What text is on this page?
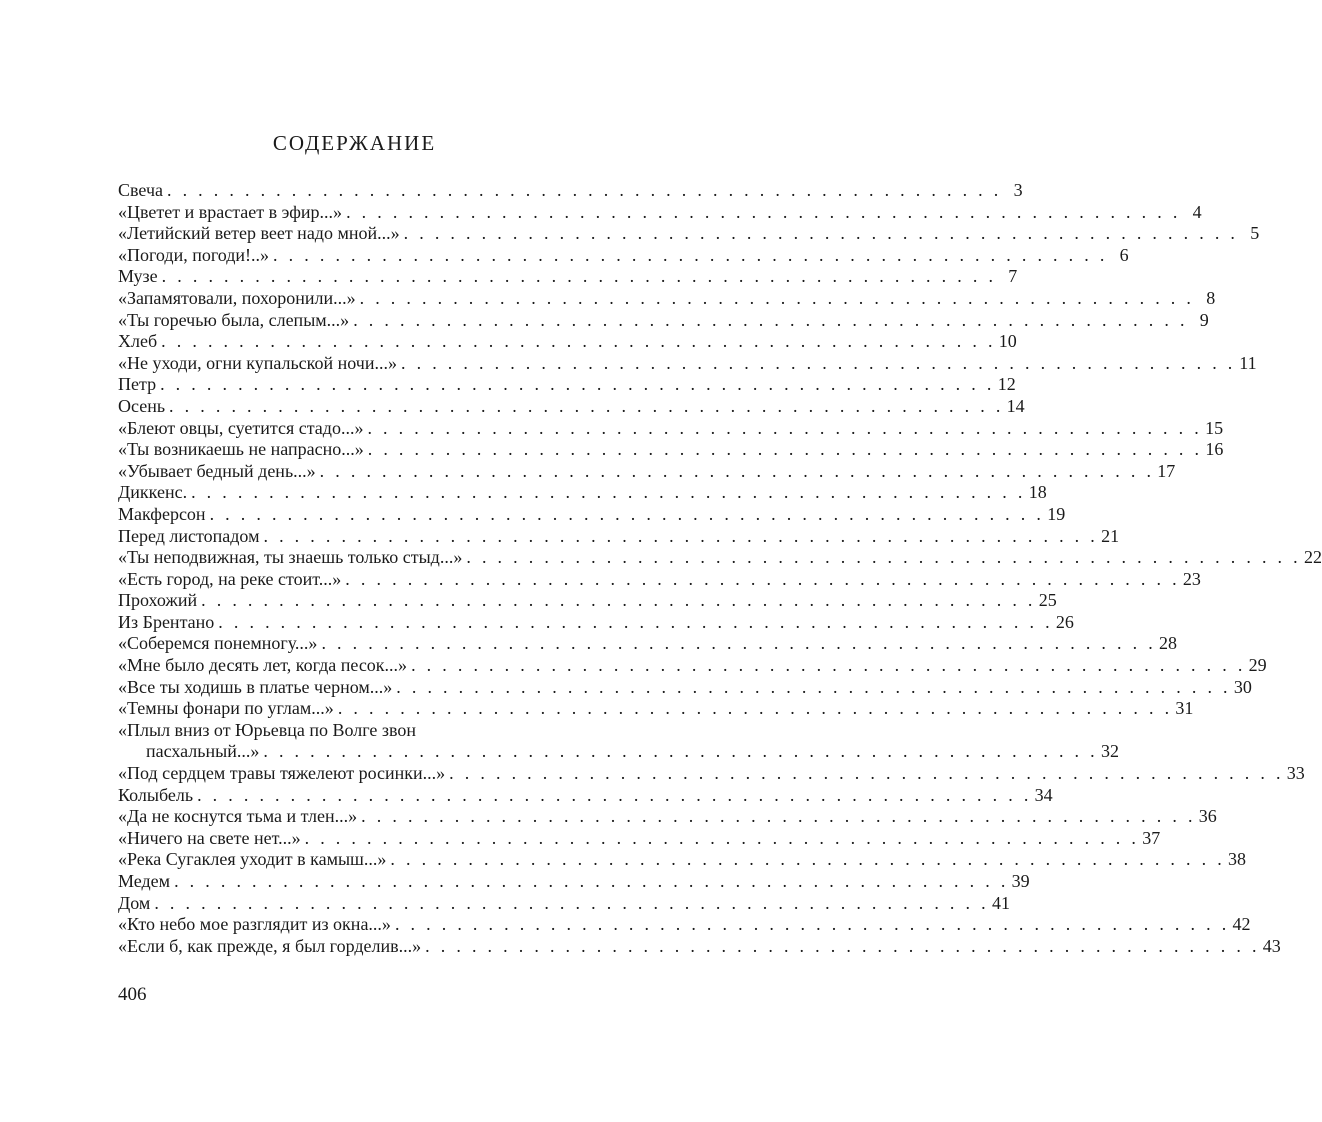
СОДЕРЖАНИЕ
Свеча . . . . . . . . . . . . . . . . . . . . . . . . . . . . . . . . . . . . . . . . . . . . . . . . . . . . . . 3
«Цветет и врастает в эфир...» . . . . . . . . . . . . . . . . . . . . . . . . . . . . . . . . . . . . . . . . . . . . . . . . . . . . . . 4
«Летийский ветер веет надо мной...» . . . . . . . . . . . . . . . . . . . . . . . . . . . . . . . . . . . . . . . . . . . . . . . . . . . . . . 5
«Погоди, погоди!..» . . . . . . . . . . . . . . . . . . . . . . . . . . . . . . . . . . . . . . . . . . . . . . . . . . . . . . 6
Музе . . . . . . . . . . . . . . . . . . . . . . . . . . . . . . . . . . . . . . . . . . . . . . . . . . . . . . 7
«Запамятовали, похоронили...» . . . . . . . . . . . . . . . . . . . . . . . . . . . . . . . . . . . . . . . . . . . . . . . . . . . . . . 8
«Ты горечью была, слепым...» . . . . . . . . . . . . . . . . . . . . . . . . . . . . . . . . . . . . . . . . . . . . . . . . . . . . . . 9
Хлеб . . . . . . . . . . . . . . . . . . . . . . . . . . . . . . . . . . . . . . . . . . . . . . . . . . . . . . 10
«Не уходи, огни купальской ночи...» . . . . . . . . . . . . . . . . . . . . . . . . . . . . . . . . . . . . . . . . . . . . . . . . . . . . . . 11
Петр . . . . . . . . . . . . . . . . . . . . . . . . . . . . . . . . . . . . . . . . . . . . . . . . . . . . . . 12
Осень . . . . . . . . . . . . . . . . . . . . . . . . . . . . . . . . . . . . . . . . . . . . . . . . . . . . . . 14
«Блеют овцы, суетится стадо...» . . . . . . . . . . . . . . . . . . . . . . . . . . . . . . . . . . . . . . . . . . . . . . . . . . . . . . 15
«Ты возникаешь не напрасно...» . . . . . . . . . . . . . . . . . . . . . . . . . . . . . . . . . . . . . . . . . . . . . . . . . . . . . . 16
«Убывает бедный день...» . . . . . . . . . . . . . . . . . . . . . . . . . . . . . . . . . . . . . . . . . . . . . . . . . . . . . . 17
Диккенс. . . . . . . . . . . . . . . . . . . . . . . . . . . . . . . . . . . . . . . . . . . . . . . . . . . . . . . 18
Макферсон . . . . . . . . . . . . . . . . . . . . . . . . . . . . . . . . . . . . . . . . . . . . . . . . . . . . . . 19
Перед листопадом . . . . . . . . . . . . . . . . . . . . . . . . . . . . . . . . . . . . . . . . . . . . . . . . . . . . . . 21
«Ты неподвижная, ты знаешь только стыд...» . . . . . . . . . . . . . . . . . . . . . . . . . . . . . . . . . . . . . . . . . . . . . . . . . . . . . . 22
«Есть город, на реке стоит...» . . . . . . . . . . . . . . . . . . . . . . . . . . . . . . . . . . . . . . . . . . . . . . . . . . . . . . 23
Прохожий . . . . . . . . . . . . . . . . . . . . . . . . . . . . . . . . . . . . . . . . . . . . . . . . . . . . . . 25
Из Брентано . . . . . . . . . . . . . . . . . . . . . . . . . . . . . . . . . . . . . . . . . . . . . . . . . . . . . . 26
«Соберемся понемногу...» . . . . . . . . . . . . . . . . . . . . . . . . . . . . . . . . . . . . . . . . . . . . . . . . . . . . . . 28
«Мне было десять лет, когда песок...» . . . . . . . . . . . . . . . . . . . . . . . . . . . . . . . . . . . . . . . . . . . . . . . . . . . . . . 29
«Все ты ходишь в платье черном...» . . . . . . . . . . . . . . . . . . . . . . . . . . . . . . . . . . . . . . . . . . . . . . . . . . . . . . 30
«Темны фонари по углам...» . . . . . . . . . . . . . . . . . . . . . . . . . . . . . . . . . . . . . . . . . . . . . . . . . . . . . . 31
«Плыл вниз от Юрьевца по Волге звон
пасхальный...» . . . . . . . . . . . . . . . . . . . . . . . . . . . . . . . . . . . . . . . . . . . . . . . . . . . . . . 32
«Под сердцем травы тяжелеют росинки...» . . . . . . . . . . . . . . . . . . . . . . . . . . . . . . . . . . . . . . . . . . . . . . . . . . . . . . 33
Колыбель . . . . . . . . . . . . . . . . . . . . . . . . . . . . . . . . . . . . . . . . . . . . . . . . . . . . . . 34
«Да не коснутся тьма и тлен...» . . . . . . . . . . . . . . . . . . . . . . . . . . . . . . . . . . . . . . . . . . . . . . . . . . . . . . 36
«Ничего на свете нет...» . . . . . . . . . . . . . . . . . . . . . . . . . . . . . . . . . . . . . . . . . . . . . . . . . . . . . . 37
«Река Сугаклея уходит в камыш...» . . . . . . . . . . . . . . . . . . . . . . . . . . . . . . . . . . . . . . . . . . . . . . . . . . . . . . 38
Медем . . . . . . . . . . . . . . . . . . . . . . . . . . . . . . . . . . . . . . . . . . . . . . . . . . . . . . 39
Дом . . . . . . . . . . . . . . . . . . . . . . . . . . . . . . . . . . . . . . . . . . . . . . . . . . . . . . 41
«Кто небо мое разглядит из окна...» . . . . . . . . . . . . . . . . . . . . . . . . . . . . . . . . . . . . . . . . . . . . . . . . . . . . . . 42
«Если б, как прежде, я был горделив...» . . . . . . . . . . . . . . . . . . . . . . . . . . . . . . . . . . . . . . . . . . . . . . . . . . . . . . 43
406
